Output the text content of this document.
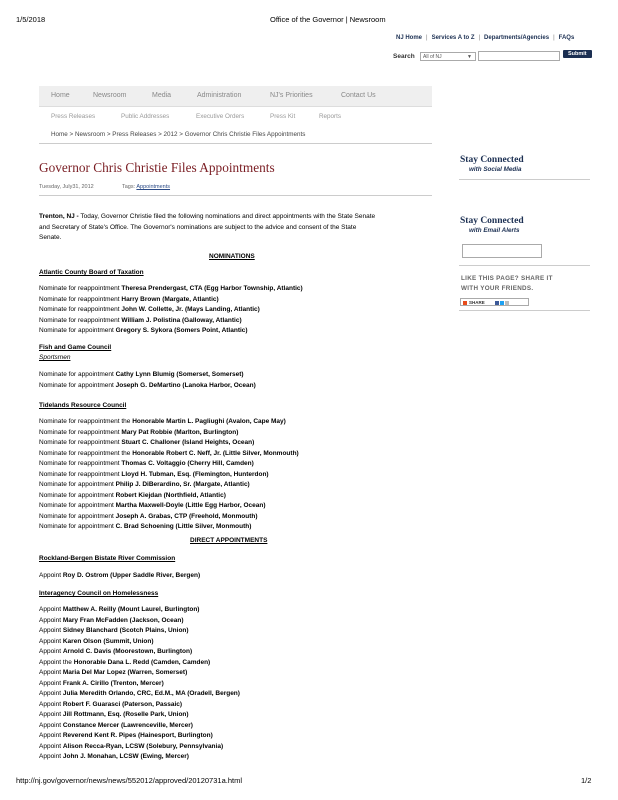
1/5/2018	Office of the Governor | Newsroom
NJ Home | Services A to Z | Departments/Agencies | FAQs
Search	All of NJ	▼	Submit
Home	Newsroom	Media	Administration	NJ's Priorities	Contact Us
Press Releases	Public Addresses	Executive Orders	Press Kit	Reports
Home > Newsroom > Press Releases > 2012 > Governor Chris Christie Files Appointments
Governor Chris Christie Files Appointments
Tuesday, July31, 2012	Tags: Appointments
Trenton, NJ - Today, Governor Christie filed the following nominations and direct appointments with the State Senate
and Secretary of State's Office. The Governor's nominations are subject to the advice and consent of the State
Senate.
NOMINATIONS
Atlantic County Board of Taxation
Nominate for reappointment Theresa Prendergast, CTA (Egg Harbor Township, Atlantic)
Nominate for reappointment Harry Brown (Margate, Atlantic)
Nominate for reappointment John W. Collette, Jr. (Mays Landing, Atlantic)
Nominate for reappointment William J. Polistina (Galloway, Atlantic)
Nominate for appointment Gregory S. Sykora (Somers Point, Atlantic)
Fish and Game Council
Sportsmen
Nominate for appointment Cathy Lynn Blumig (Somerset, Somerset)
Nominate for appointment Joseph G. DeMartino (Lanoka Harbor, Ocean)
Tidelands Resource Council
Nominate for reappointment the Honorable Martin L. Pagliughi (Avalon, Cape May)
Nominate for reappointment Mary Pat Robbie (Marlton, Burlington)
Nominate for reappointment Stuart C. Challoner (Island Heights, Ocean)
Nominate for reappointment the Honorable Robert C. Neff, Jr. (Little Silver, Monmouth)
Nominate for reappointment Thomas C. Voltaggio (Cherry Hill, Camden)
Nominate for reappointment Lloyd H. Tubman, Esq. (Flemington, Hunterdon)
Nominate for appointment Philip J. DiBerardino, Sr. (Margate, Atlantic)
Nominate for appointment Robert Kiejdan (Northfield, Atlantic)
Nominate for appointment Martha Maxwell-Doyle (Little Egg Harbor, Ocean)
Nominate for appointment Joseph A. Grabas, CTP (Freehold, Monmouth)
Nominate for appointment C. Brad Schoening (Little Silver, Monmouth)
DIRECT APPOINTMENTS
Rockland-Bergen Bistate River Commission
Appoint Roy D. Ostrom (Upper Saddle River, Bergen)
Interagency Council on Homelessness
Appoint Matthew A. Reilly (Mount Laurel, Burlington)
Appoint Mary Fran McFadden (Jackson, Ocean)
Appoint Sidney Blanchard (Scotch Plains, Union)
Appoint Karen Olson (Summit, Union)
Appoint Arnold C. Davis (Moorestown, Burlington)
Appoint the Honorable Dana L. Redd (Camden, Camden)
Appoint Maria Del Mar Lopez (Warren, Somerset)
Appoint Frank A. Cirillo (Trenton, Mercer)
Appoint Julia Meredith Orlando, CRC, Ed.M., MA (Oradell, Bergen)
Appoint Robert F. Guarasci (Paterson, Passaic)
Appoint Jill Rottmann, Esq. (Roselle Park, Union)
Appoint Constance Mercer (Lawrenceville, Mercer)
Appoint Reverend Kent R. Pipes (Hainesport, Burlington)
Appoint Alison Recca-Ryan, LCSW (Solebury, Pennsylvania)
Appoint John J. Monahan, LCSW (Ewing, Mercer)
Stay Connected
with Social Media
Stay Connected
with Email Alerts
LIKE THIS PAGE? SHARE IT
WITH YOUR FRIENDS.
SHARE
http://nj.gov/governor/news/news/552012/approved/20120731a.html	1/2
